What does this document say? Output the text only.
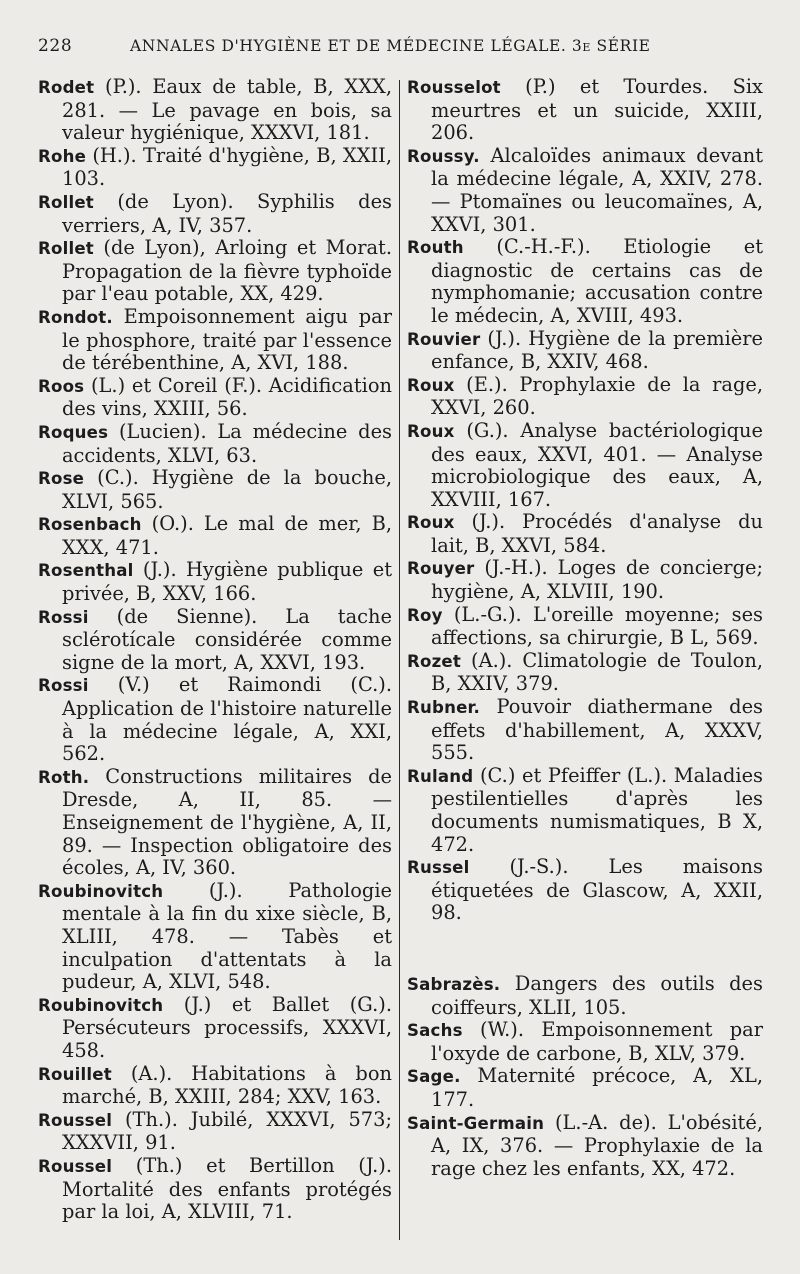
228	ANNALES D'HYGIÈNE ET DE MÉDECINE LÉGALE. 3e SÉRIE

Rodet (P.). Eaux de table, B, XXX, 281. — Le pavage en bois, sa valeur hygiénique, XXXVI, 181.

Rohe (H.). Traité d'hygiène, B, XXII, 103.

Rollet (de Lyon). Syphilis des verriers, A, IV, 357.

Rollet (de Lyon), Arloing et Morat. Propagation de la fièvre typhoïde par l'eau potable, XX, 429.

Rondot. Empoisonnement aigu par le phosphore, traité par l'essence de térébenthine, A, XVI, 188.

Roos (L.) et Coreil (F.). Acidification des vins, XXIII, 56.

Roques (Lucien). La médecine des accidents, XLVI, 63.

Rose (C.). Hygiène de la bouche, XLVI, 565.

Rosenbach (O.). Le mal de mer, B, XXX, 471.

Rosenthal (J.). Hygiène publique et privée, B, XXV, 166.

Rossi (de Sienne). La tache sclérotícale considérée comme signe de la mort, A, XXVI, 193.

Rossi (V.) et Raimondi (C.). Application de l'histoire naturelle à la médecine légale, A, XXI, 562.

Roth. Constructions militaires de Dresde, A, II, 85. — Enseignement de l'hygiène, A, II, 89. — Inspection obligatoire des écoles, A, IV, 360.

Roubinovitch (J.). Pathologie mentale à la fin du xixe siècle, B, XLIII, 478. — Tabès et inculpation d'attentats à la pudeur, A, XLVI, 548.

Roubinovitch (J.) et Ballet (G.). Persécuteurs processifs, XXXVI, 458.

Rouillet (A.). Habitations à bon marché, B, XXIII, 284; XXV, 163.

Roussel (Th.). Jubilé, XXXVI, 573; XXXVII, 91.

Roussel (Th.) et Bertillon (J.). Mortalité des enfants protégés par la loi, A, XLVIII, 71.

Rousselot (P.) et Tourdes. Six meurtres et un suicide, XXIII, 206.

Roussy. Alcaloïdes animaux devant la médecine légale, A, XXIV, 278. — Ptomaïnes ou leucomaïnes, A, XXVI, 301.

Routh (C.-H.-F.). Etiologie et diagnostic de certains cas de nymphomanie; accusation contre le médecin, A, XVIII, 493.

Rouvier (J.). Hygiène de la première enfance, B, XXIV, 468.

Roux (E.). Prophylaxie de la rage, XXVI, 260.

Roux (G.). Analyse bactériologique des eaux, XXVI, 401. — Analyse microbiologique des eaux, A, XXVIII, 167.

Roux (J.). Procédés d'analyse du lait, B, XXVI, 584.

Rouyer (J.-H.). Loges de concierge; hygiène, A, XLVIII, 190.

Roy (L.-G.). L'oreille moyenne; ses affections, sa chirurgie, B L, 569.

Rozet (A.). Climatologie de Toulon, B, XXIV, 379.

Rubner. Pouvoir diathermane des effets d'habillement, A, XXXV, 555.

Ruland (C.) et Pfeiffer (L.). Maladies pestilentielles d'après les documents numismatiques, B X, 472.

Russel (J.-S.). Les maisons étiquetées de Glascow, A, XXII, 98.

Sabrazès. Dangers des outils des coiffeurs, XLII, 105.

Sachs (W.). Empoisonnement par l'oxyde de carbone, B, XLV, 379.

Sage. Maternité précoce, A, XL, 177.

Saint-Germain (L.-A. de). L'obésité, A, IX, 376. — Prophylaxie de la rage chez les enfants, XX, 472.
